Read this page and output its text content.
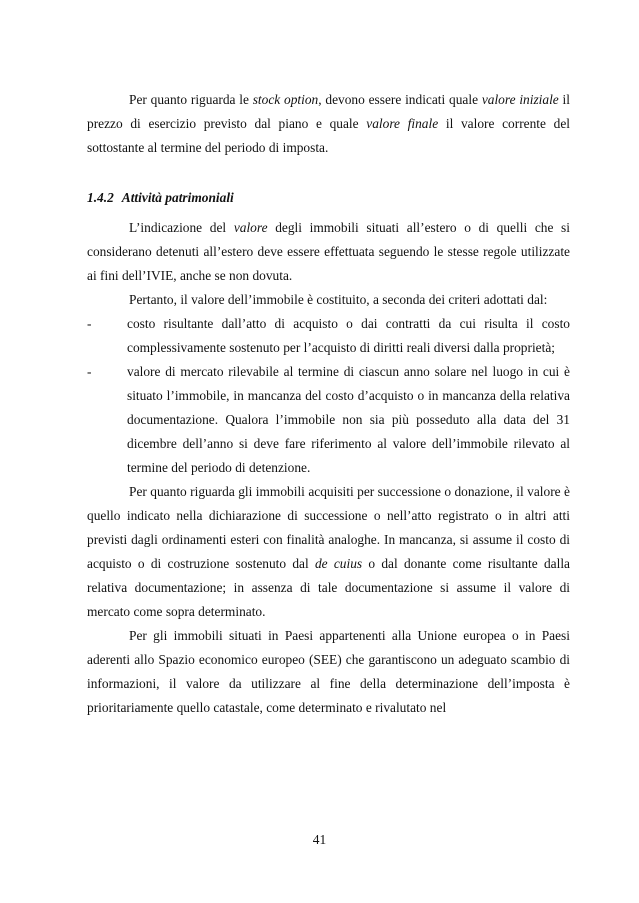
Per quanto riguarda le stock option, devono essere indicati quale valore iniziale il prezzo di esercizio previsto dal piano e quale valore finale il valore corrente del sottostante al termine del periodo di imposta.

1.4.2 Attività patrimoniali

L’indicazione del valore degli immobili situati all’estero o di quelli che si considerano detenuti all’estero deve essere effettuata seguendo le stesse regole utilizzate ai fini dell’IVIE, anche se non dovuta.

Pertanto, il valore dell’immobile è costituito, a seconda dei criteri adottati dal:

-	costo risultante dall’atto di acquisto o dai contratti da cui risulta il costo complessivamente sostenuto per l’acquisto di diritti reali diversi dalla proprietà;
-	valore di mercato rilevabile al termine di ciascun anno solare nel luogo in cui è situato l’immobile, in mancanza del costo d’acquisto o in mancanza della relativa documentazione. Qualora l’immobile non sia più posseduto alla data del 31 dicembre dell’anno si deve fare riferimento al valore dell’immobile rilevato al termine del periodo di detenzione.

Per quanto riguarda gli immobili acquisiti per successione o donazione, il valore è quello indicato nella dichiarazione di successione o nell’atto registrato o in altri atti previsti dagli ordinamenti esteri con finalità analoghe. In mancanza, si assume il costo di acquisto o di costruzione sostenuto dal de cuius o dal donante come risultante dalla relativa documentazione; in assenza di tale documentazione si assume il valore di mercato come sopra determinato.

Per gli immobili situati in Paesi appartenenti alla Unione europea o in Paesi aderenti allo Spazio economico europeo (SEE) che garantiscono un adeguato scambio di informazioni, il valore da utilizzare al fine della determinazione dell’imposta è prioritariamente quello catastale, come determinato e rivalutato nel

41
